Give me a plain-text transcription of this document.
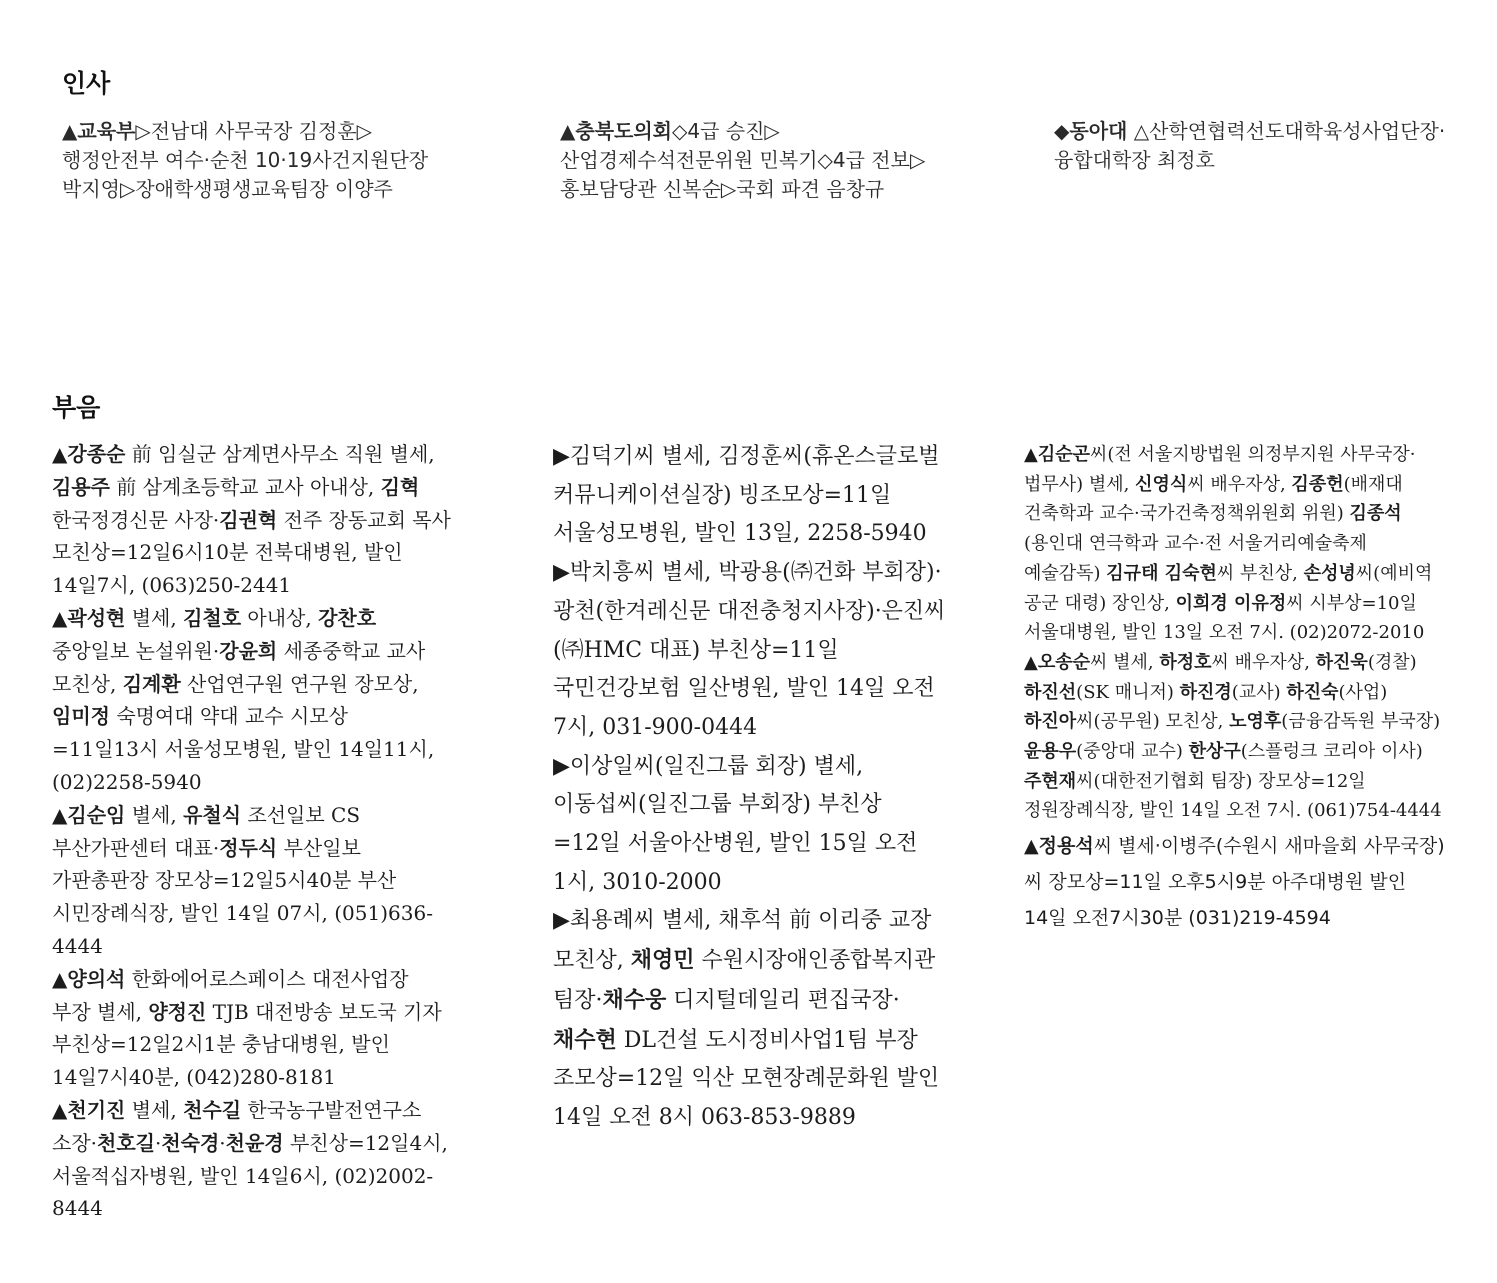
인사

▲교육부▷전남대 사무국장 김정훈▷행정안전부 여수·순천 10·19사건지원단장 박지영▷장애학생평생교육팀장 이양주

▲충북도의회◇4급 승진▷산업경제수석전문위원 민복기◇4급 전보▷홍보담당관 신복순▷국회 파견 음창규

◆동아대 △산학연협력선도대학육성사업단장·융합대학장 최정호

부음

▲강종순 前 임실군 삼계면사무소 직원 별세, 김용주 前 삼계초등학교 교사 아내상, 김혁 한국정경신문 사장·김권혁 전주 장동교회 목사 모친상=12일6시10분 전북대병원, 발인 14일7시, (063)250-2441

▲곽성현 별세, 김철호 아내상, 강찬호 중앙일보 논설위원·강윤희 세종중학교 교사 모친상, 김계환 산업연구원 연구원 장모상, 임미정 숙명여대 약대 교수 시모상=11일13시 서울성모병원, 발인 14일11시, (02)2258-5940

▲김순임 별세, 유철식 조선일보 CS 부산가판센터 대표·정두식 부산일보 가판총판장 장모상=12일5시40분 부산 시민장례식장, 발인 14일 07시, (051)636-4444

▲양의석 한화에어로스페이스 대전사업장 부장 별세, 양정진 TJB 대전방송 보도국 기자 부친상=12일2시1분 충남대병원, 발인 14일7시40분, (042)280-8181

▲천기진 별세, 천수길 한국농구발전연구소 소장·천호길·천숙경·천윤경 부친상=12일4시, 서울적십자병원, 발인 14일6시, (02)2002-8444

▶김덕기씨 별세, 김정훈씨(휴온스글로벌 커뮤니케이션실장) 빙조모상=11일 서울성모병원, 발인 13일, 2258-5940

▶박치흥씨 별세, 박광용(㈜건화 부회장)·광천(한겨레신문 대전충청지사장)·은진씨(㈜HMC 대표) 부친상=11일 국민건강보험 일산병원, 발인 14일 오전 7시, 031-900-0444

▶이상일씨(일진그룹 회장) 별세, 이동섭씨(일진그룹 부회장) 부친상=12일 서울아산병원, 발인 15일 오전 1시, 3010-2000

▶최용례씨 별세, 채후석 前 이리중 교장 모친상, 채영민 수원시장애인종합복지관 팀장·채수웅 디지털데일리 편집국장·채수현 DL건설 도시정비사업1팀 부장 조모상=12일 익산 모현장례문화원 발인 14일 오전 8시 063-853-9889

▲김순곤씨(전 서울지방법원 의정부지원 사무국장·법무사) 별세, 신영식씨 배우자상, 김종헌(배재대 건축학과 교수·국가건축정책위원회 위원) 김종석(용인대 연극학과 교수·전 서울거리예술축제 예술감독) 김규태 김숙현씨 부친상, 손성녕씨(예비역 공군 대령) 장인상, 이희경 이유정씨 시부상=10일 서울대병원, 발인 13일 오전 7시. (02)2072-2010

▲오송순씨 별세, 하정호씨 배우자상, 하진욱(경찰) 하진선(SK 매니저) 하진경(교사) 하진숙(사업) 하진아씨(공무원) 모친상, 노영후(금융감독원 부국장) 윤용우(중앙대 교수) 한상구(스플렁크 코리아 이사) 주현재씨(대한전기협회 팀장) 장모상=12일 정원장례식장, 발인 14일 오전 7시. (061)754-4444

▲정용석씨 별세·이병주(수원시 새마을회 사무국장)씨 장모상=11일 오후5시9분 아주대병원 발인 14일 오전7시30분 (031)219-4594
